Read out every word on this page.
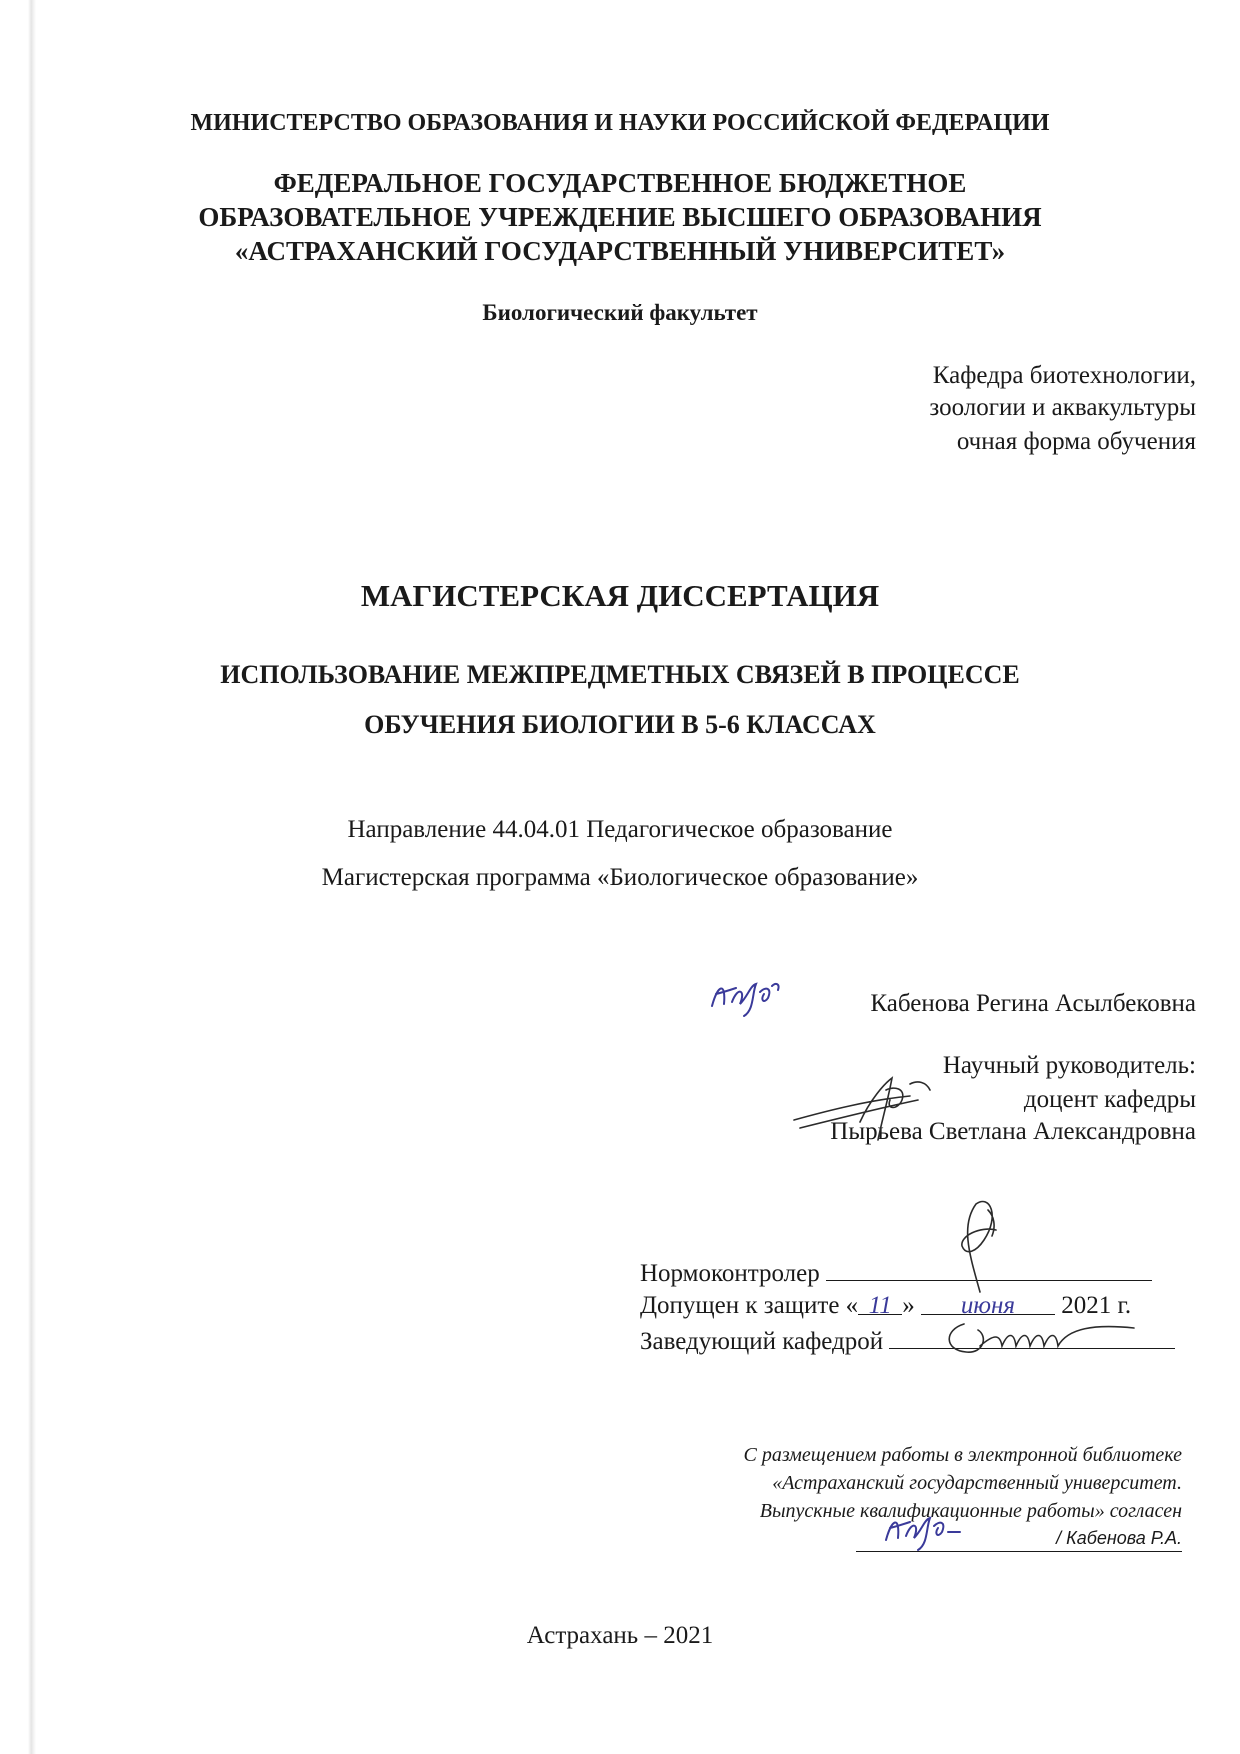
МИНИСТЕРСТВО ОБРАЗОВАНИЯ И НАУКИ РОССИЙСКОЙ ФЕДЕРАЦИИ
ФЕДЕРАЛЬНОЕ ГОСУДАРСТВЕННОЕ БЮДЖЕТНОЕ
ОБРАЗОВАТЕЛЬНОЕ УЧРЕЖДЕНИЕ ВЫСШЕГО ОБРАЗОВАНИЯ
«АСТРАХАНСКИЙ ГОСУДАРСТВЕННЫЙ УНИВЕРСИТЕТ»
Биологический факультет
Кафедра биотехнологии,
зоологии и аквакультуры
очная форма обучения
МАГИСТЕРСКАЯ ДИССЕРТАЦИЯ
ИСПОЛЬЗОВАНИЕ МЕЖПРЕДМЕТНЫХ СВЯЗЕЙ В ПРОЦЕССЕ
ОБУЧЕНИЯ БИОЛОГИИ В 5-6 КЛАССАХ
Направление 44.04.01 Педагогическое образование
Магистерская программа «Биологическое образование»
Кабенова Регина Асылбековна
Научный руководитель:
доцент кафедры
Пырьева Светлана Александровна
Нормоконтролер
Допущен к защите « 11 » июня 2021 г.
Заведующий кафедрой
С размещением работы в электронной библиотеке
«Астраханский государственный университет.
Выпускные квалификационные работы» согласен
/ Кабенова Р.А.
Астрахань – 2021
